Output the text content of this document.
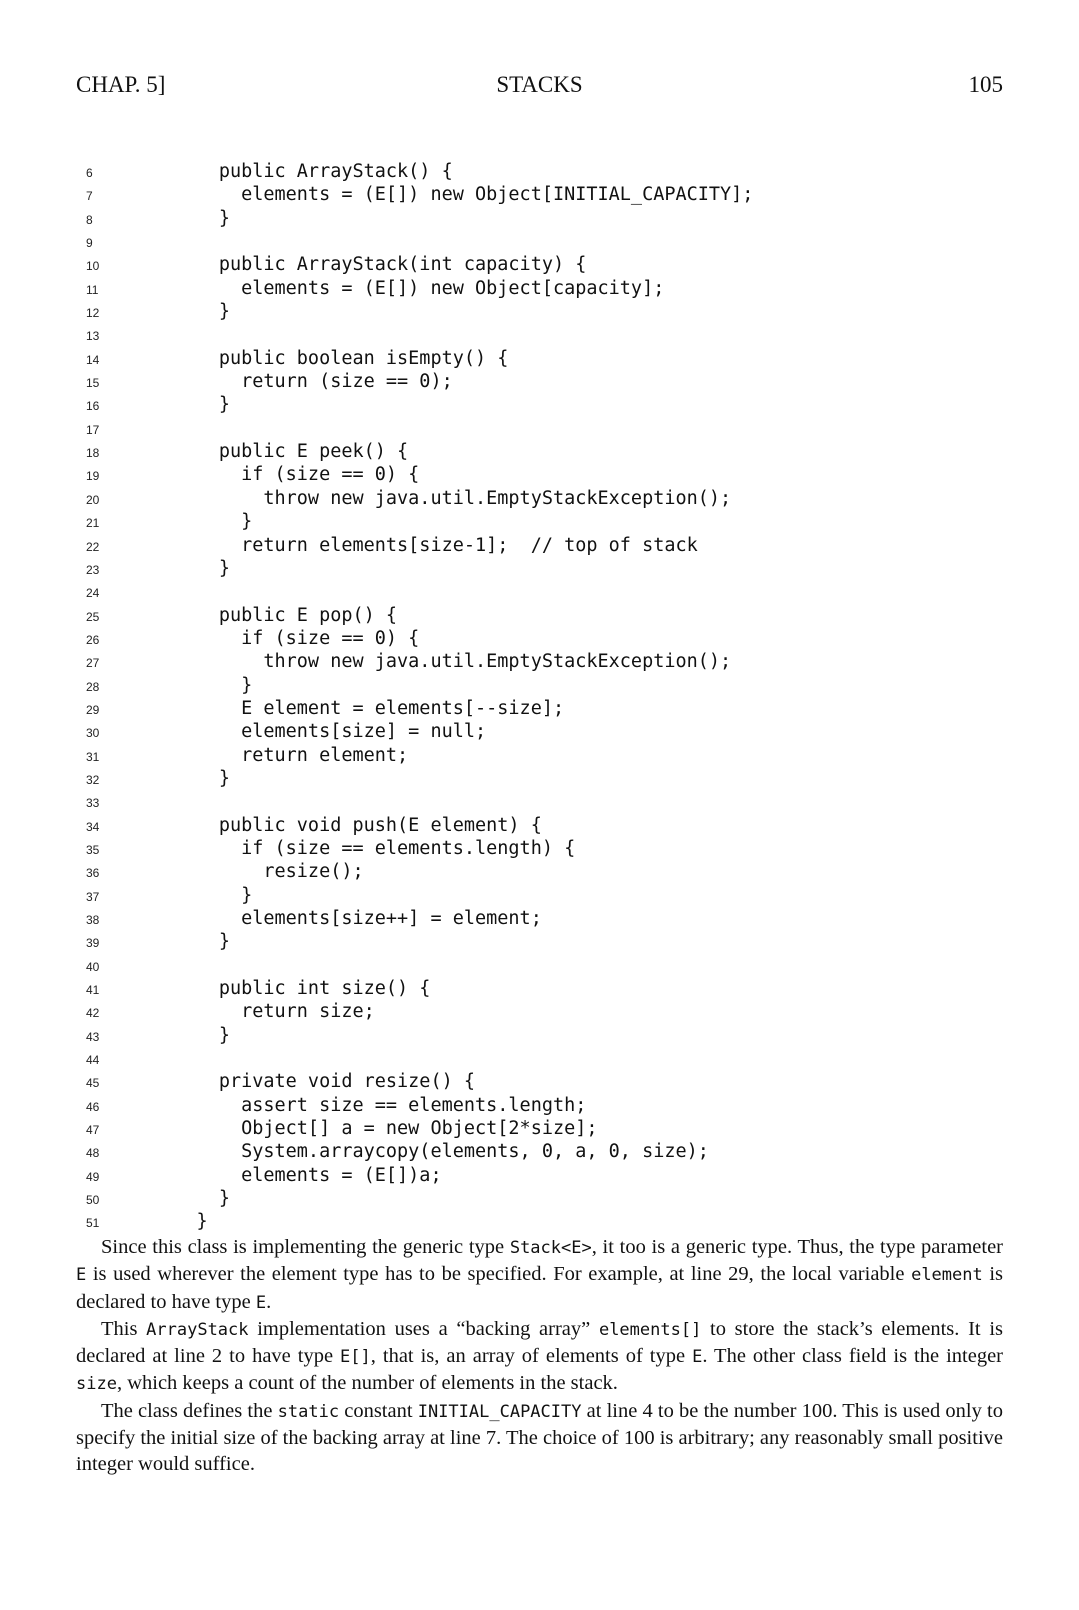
CHAP. 5]	STACKS	105
6	public ArrayStack() {
7	elements = (E[]) new Object[INITIAL_CAPACITY];
8	}
9
10	public ArrayStack(int capacity) {
11	elements = (E[]) new Object[capacity];
12	}
13
14	public boolean isEmpty() {
15	return (size == 0);
16	}
17
18	public E peek() {
19	if (size == 0) {
20	throw new java.util.EmptyStackException();
21	}
22	return elements[size-1];  // top of stack
23	}
24
25	public E pop() {
26	if (size == 0) {
27	throw new java.util.EmptyStackException();
28	}
29	E element = elements[--size];
30	elements[size] = null;
31	return element;
32	}
33
34	public void push(E element) {
35	if (size == elements.length) {
36	resize();
37	}
38	elements[size++] = element;
39	}
40
41	public int size() {
42	return size;
43	}
44
45	private void resize() {
46	assert size == elements.length;
47	Object[] a = new Object[2*size];
48	System.arraycopy(elements, 0, a, 0, size);
49	elements = (E[])a;
50	}
51	}

Since this class is implementing the generic type Stack<E>, it too is a generic type. Thus, the type parameter E is used wherever the element type has to be specified. For example, at line 29, the local variable element is declared to have type E.

This ArrayStack implementation uses a “backing array” elements[] to store the stack’s elements. It is declared at line 2 to have type E[], that is, an array of elements of type E. The other class field is the integer size, which keeps a count of the number of elements in the stack.

The class defines the static constant INITIAL_CAPACITY at line 4 to be the number 100. This is used only to specify the initial size of the backing array at line 7. The choice of 100 is arbitrary; any reasonably small positive integer would suffice.
